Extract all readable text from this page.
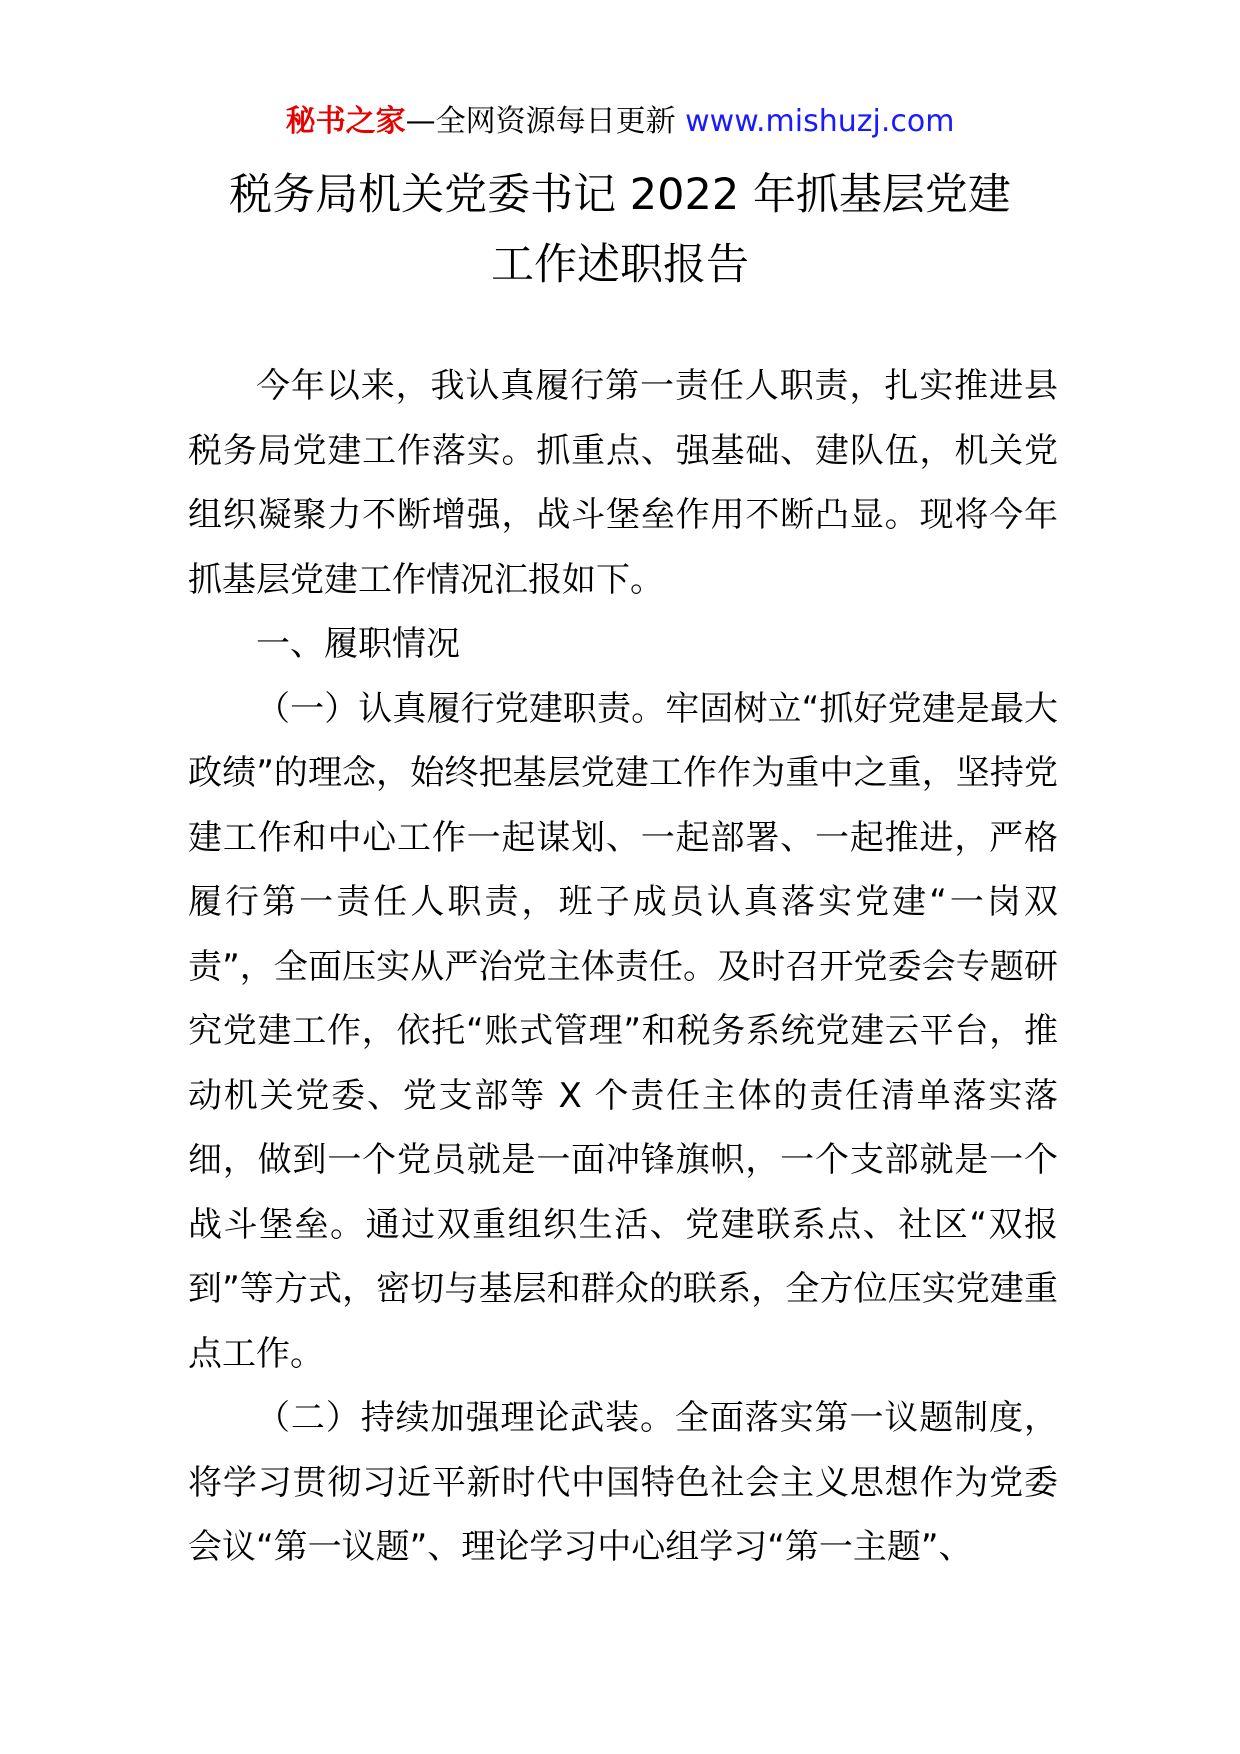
秘书之家—全网资源每日更新 www.mishuzj.com
税务局机关党委书记 2022 年抓基层党建
工作述职报告

今年以来，我认真履行第一责任人职责，扎实推进县税务局党建工作落实。抓重点、强基础、建队伍，机关党组织凝聚力不断增强，战斗堡垒作用不断凸显。现将今年抓基层党建工作情况汇报如下。

一、履职情况

（一）认真履行党建职责。牢固树立“抓好党建是最大政绩”的理念，始终把基层党建工作作为重中之重，坚持党建工作和中心工作一起谋划、一起部署、一起推进，严格履行第一责任人职责，班子成员认真落实党建“一岗双责”，全面压实从严治党主体责任。及时召开党委会专题研究党建工作，依托“账式管理”和税务系统党建云平台，推动机关党委、党支部等 X 个责任主体的责任清单落实落细，做到一个党员就是一面冲锋旗帜，一个支部就是一个战斗堡垒。通过双重组织生活、党建联系点、社区“双报到”等方式，密切与基层和群众的联系，全方位压实党建重点工作。

（二）持续加强理论武装。全面落实第一议题制度，将学习贯彻习近平新时代中国特色社会主义思想作为党委会议“第一议题”、理论学习中心组学习“第一主题”、
